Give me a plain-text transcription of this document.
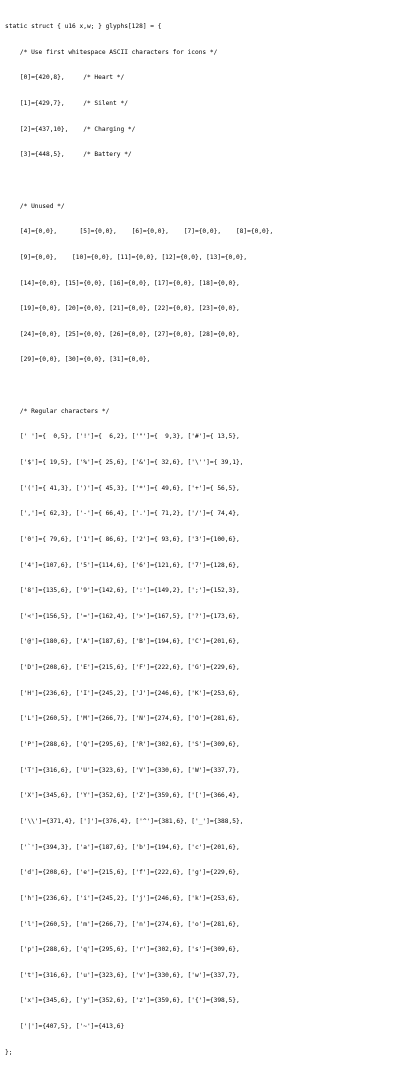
static struct { u16 x,w; } glyphs[128] = {

/* Use first whitespace ASCII characters for icons */

[0]={420,8},     /* Heart */

[1]={429,7},     /* Silent */

[2]={437,10},    /* Charging */

[3]={448,5},     /* Battery */

/* Unused */

[4]={0,0},      [5]={0,0},    [6]={0,0},    [7]={0,0},    [8]={0,0},

[9]={0,0},    [10]={0,0}, [11]={0,0}, [12]={0,0}, [13]={0,0},

[14]={0,0}, [15]={0,0}, [16]={0,0}, [17]={0,0}, [18]={0,0},

[19]={0,0}, [20]={0,0}, [21]={0,0}, [22]={0,0}, [23]={0,0},

[24]={0,0}, [25]={0,0}, [26]={0,0}, [27]={0,0}, [28]={0,0},

[29]={0,0}, [30]={0,0}, [31]={0,0},

/* Regular characters */

[' ']={  0,5}, ['!']={  6,2}, ['"']={  9,3}, ['#']={ 13,5},

['$']={ 19,5}, ['%']={ 25,6}, ['&']={ 32,6}, ['\'']={ 39,1},

['(']={ 41,3}, [')']={ 45,3}, ['*']={ 49,6}, ['+']={ 56,5},

[',']={ 62,3}, ['-']={ 66,4}, ['.']={ 71,2}, ['/']={ 74,4},

['0']={ 79,6}, ['1']={ 86,6}, ['2']={ 93,6}, ['3']={100,6},

['4']={107,6}, ['5']={114,6}, ['6']={121,6}, ['7']={128,6},

['8']={135,6}, ['9']={142,6}, [':']={149,2}, [';']={152,3},

['<']={156,5}, ['=']={162,4}, ['>']={167,5}, ['?']={173,6},

['@']={180,6}, ['A']={187,6}, ['B']={194,6}, ['C']={201,6},

['D']={208,6}, ['E']={215,6}, ['F']={222,6}, ['G']={229,6},

['H']={236,6}, ['I']={245,2}, ['J']={246,6}, ['K']={253,6},

['L']={260,5}, ['M']={266,7}, ['N']={274,6}, ['O']={281,6},

['P']={288,6}, ['Q']={295,6}, ['R']={302,6}, ['S']={309,6},

['T']={316,6}, ['U']={323,6}, ['V']={330,6}, ['W']={337,7},

['X']={345,6}, ['Y']={352,6}, ['Z']={359,6}, ['[']={366,4},

['\\']={371,4}, [']']={376,4}, ['^']={381,6}, ['_']={388,5},

['`']={394,3}, ['a']={187,6}, ['b']={194,6}, ['c']={201,6},

['d']={208,6}, ['e']={215,6}, ['f']={222,6}, ['g']={229,6},

['h']={236,6}, ['i']={245,2}, ['j']={246,6}, ['k']={253,6},

['l']={260,5}, ['m']={266,7}, ['n']={274,6}, ['o']={281,6},

['p']={288,6}, ['q']={295,6}, ['r']={302,6}, ['s']={309,6},

['t']={316,6}, ['u']={323,6}, ['v']={330,6}, ['w']={337,7},

['x']={345,6}, ['y']={352,6}, ['z']={359,6}, ['{']={398,5},

['|']={407,5}, ['~']={413,6}

};
